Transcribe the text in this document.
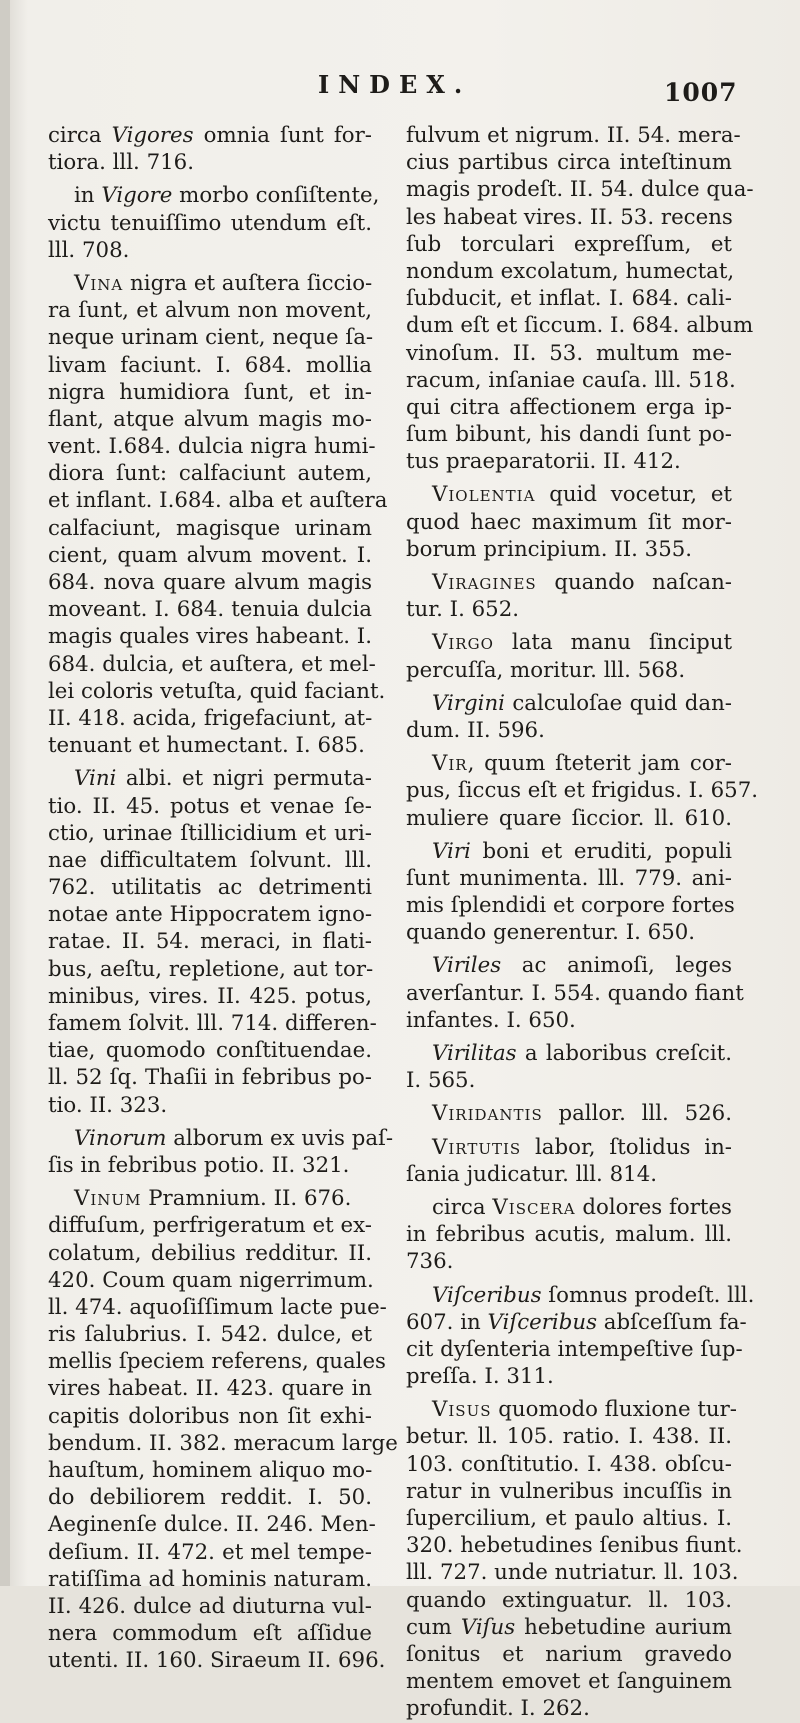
INDEX.	1007
circa Vigores omnia ſunt for-
tiora. lll. 716.
in Vigore morbo conſiſtente,
victu tenuiſſimo utendum eſt.
lll. 708.
Vina nigra et auſtera ſiccio-
ra ſunt, et alvum non movent,
neque urinam cient, neque ſa-
livam faciunt. I. 684. mollia
nigra humidiora ſunt, et in-
flant, atque alvum magis mo-
vent. I.684. dulcia nigra humi-
diora ſunt: calfaciunt autem,
et inflant. I.684. alba et auſtera
calfaciunt, magisque urinam
cient, quam alvum movent. I.
684. nova quare alvum magis
moveant. I. 684. tenuia dulcia
magis quales vires habeant. I.
684. dulcia, et auſtera, et mel-
lei coloris vetuſta, quid faciant.
II. 418. acida, frigefaciunt, at-
tenuant et humectant. I. 685.
Vini albi. et nigri permuta-
tio. II. 45. potus et venae ſe-
ctio, urinae ſtillicidium et uri-
nae difficultatem ſolvunt. lll.
762. utilitatis ac detrimenti
notae ante Hippocratem igno-
ratae. II. 54. meraci, in flati-
bus, aeſtu, repletione, aut tor-
minibus, vires. II. 425. potus,
famem ſolvit. lll. 714. differen-
tiae, quomodo conſtituendae.
ll. 52 ſq. Thaſii in febribus po-
tio. II. 323.
Vinorum alborum ex uvis paſ-
ſis in febribus potio. II. 321.
Vinum Pramnium. II. 676.
diffuſum, perfrigeratum et ex-
colatum, debilius redditur. II.
420. Coum quam nigerrimum.
ll. 474. aquoſiſſimum lacte pue-
ris ſalubrius. I. 542. dulce, et
mellis ſpeciem referens, quales
vires habeat. II. 423. quare in
capitis doloribus non ſit exhi-
bendum. II. 382. meracum large
hauſtum, hominem aliquo mo-
do debiliorem reddit. I. 50.
Aeginenſe dulce. II. 246. Men-
deſium. II. 472. et mel tempe-
ratiſſima ad hominis naturam.
II. 426. dulce ad diuturna vul-
nera commodum eſt aſſidue
utenti. II. 160. Siraeum II. 696.
fulvum et nigrum. II. 54. mera-
cius partibus circa inteſtinum
magis prodeſt. II. 54. dulce qua-
les habeat vires. II. 53. recens
ſub torculari expreſſum, et
nondum excolatum, humectat,
ſubducit, et inflat. I. 684. cali-
dum eſt et ſiccum. I. 684. album
vinoſum. II. 53. multum me-
racum, inſaniae cauſa. lll. 518.
qui citra affectionem erga ip-
ſum bibunt, his dandi ſunt po-
tus praeparatorii. II. 412.
Violentia quid vocetur, et
quod haec maximum ſit mor-
borum principium. II. 355.
Viragines quando naſcan-
tur. I. 652.
Virgo lata manu ſinciput
percuſſa, moritur. lll. 568.
Virgini calculoſae quid dan-
dum. II. 596.
Vir, quum ſteterit jam cor-
pus, ſiccus eſt et frigidus. I. 657.
muliere quare ſiccior. ll. 610.
Viri boni et eruditi, populi
ſunt munimenta. lll. 779. ani-
mis ſplendidi et corpore fortes
quando generentur. I. 650.
Viriles ac animoſi, leges
averſantur. I. 554. quando fiant
infantes. I. 650.
Virilitas a laboribus creſcit.
I. 565.
Viridantis pallor. lll. 526.
Virtutis labor, ſtolidus in-
ſania judicatur. lll. 814.
circa Viscera dolores fortes
in febribus acutis, malum. lll.
736.
Viſceribus ſomnus prodeſt. lll.
607. in Viſceribus abſceſſum fa-
cit dyſenteria intempeſtive ſup-
preſſa. I. 311.
Visus quomodo fluxione tur-
betur. ll. 105. ratio. I. 438. II.
103. conſtitutio. I. 438. obſcu-
ratur in vulneribus incuſſis in
ſupercilium, et paulo altius. I.
320. hebetudines ſenibus fiunt.
lll. 727. unde nutriatur. ll. 103.
quando extinguatur. ll. 103.
cum Viſus hebetudine aurium
ſonitus et narium gravedo
mentem emovet et ſanguinem
profundit. I. 262.
